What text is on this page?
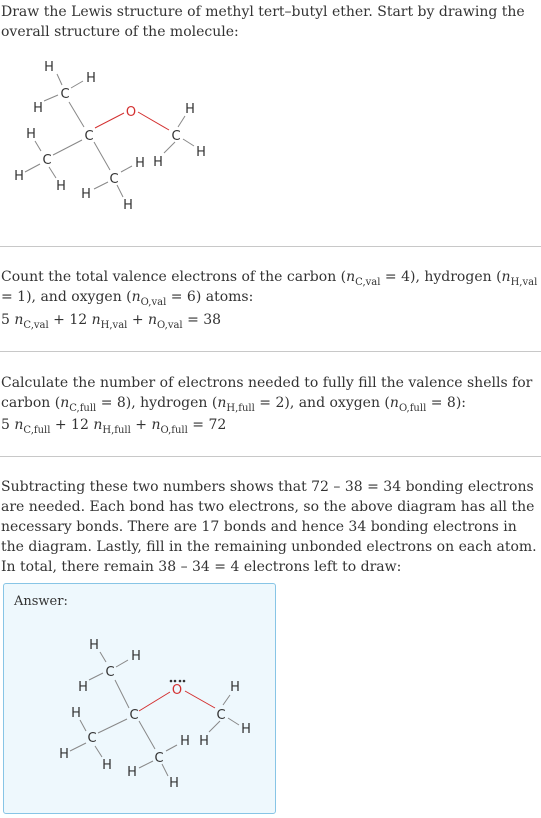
Draw the Lewis structure of methyl tert–butyl ether. Start by drawing the overall structure of the molecule:

C
C
C
C
C
O
H
H
H
H
H
H
H
H
H H
H
H

Count the total valence electrons of the carbon $(n_{C,val} = 4)$, hydrogen $(n_{H,val} = 1)$, and oxygen $(n_{O,val} = 6)$ atoms:

5 $n_{C,val} + 12$ $n_{H,val} + n_{O,val} = 38$

Calculate the number of electrons needed to fully fill the valence shells for carbon $(n_{C,full} = 8)$, hydrogen $(n_{H,full} = 2)$, and oxygen $(n_{O,full} = 8)$:

5 $n_{C,full} + 12$ $n_{H,full} + n_{O,full} = 72$

Subtracting these two numbers shows that 72 – 38 = 34 bonding electrons are needed. Each bond has two electrons, so the above diagram has all the necessary bonds. There are 17 bonds and hence 34 bonding electrons in the diagram. Lastly, fill in the remaining unbonded electrons on each atom. In total, there remain 38 – 34 = 4 electrons left to draw:

Answer:
C
C
C
C
C
O
H
H
H
H
H
H H
H
H H
H
H
